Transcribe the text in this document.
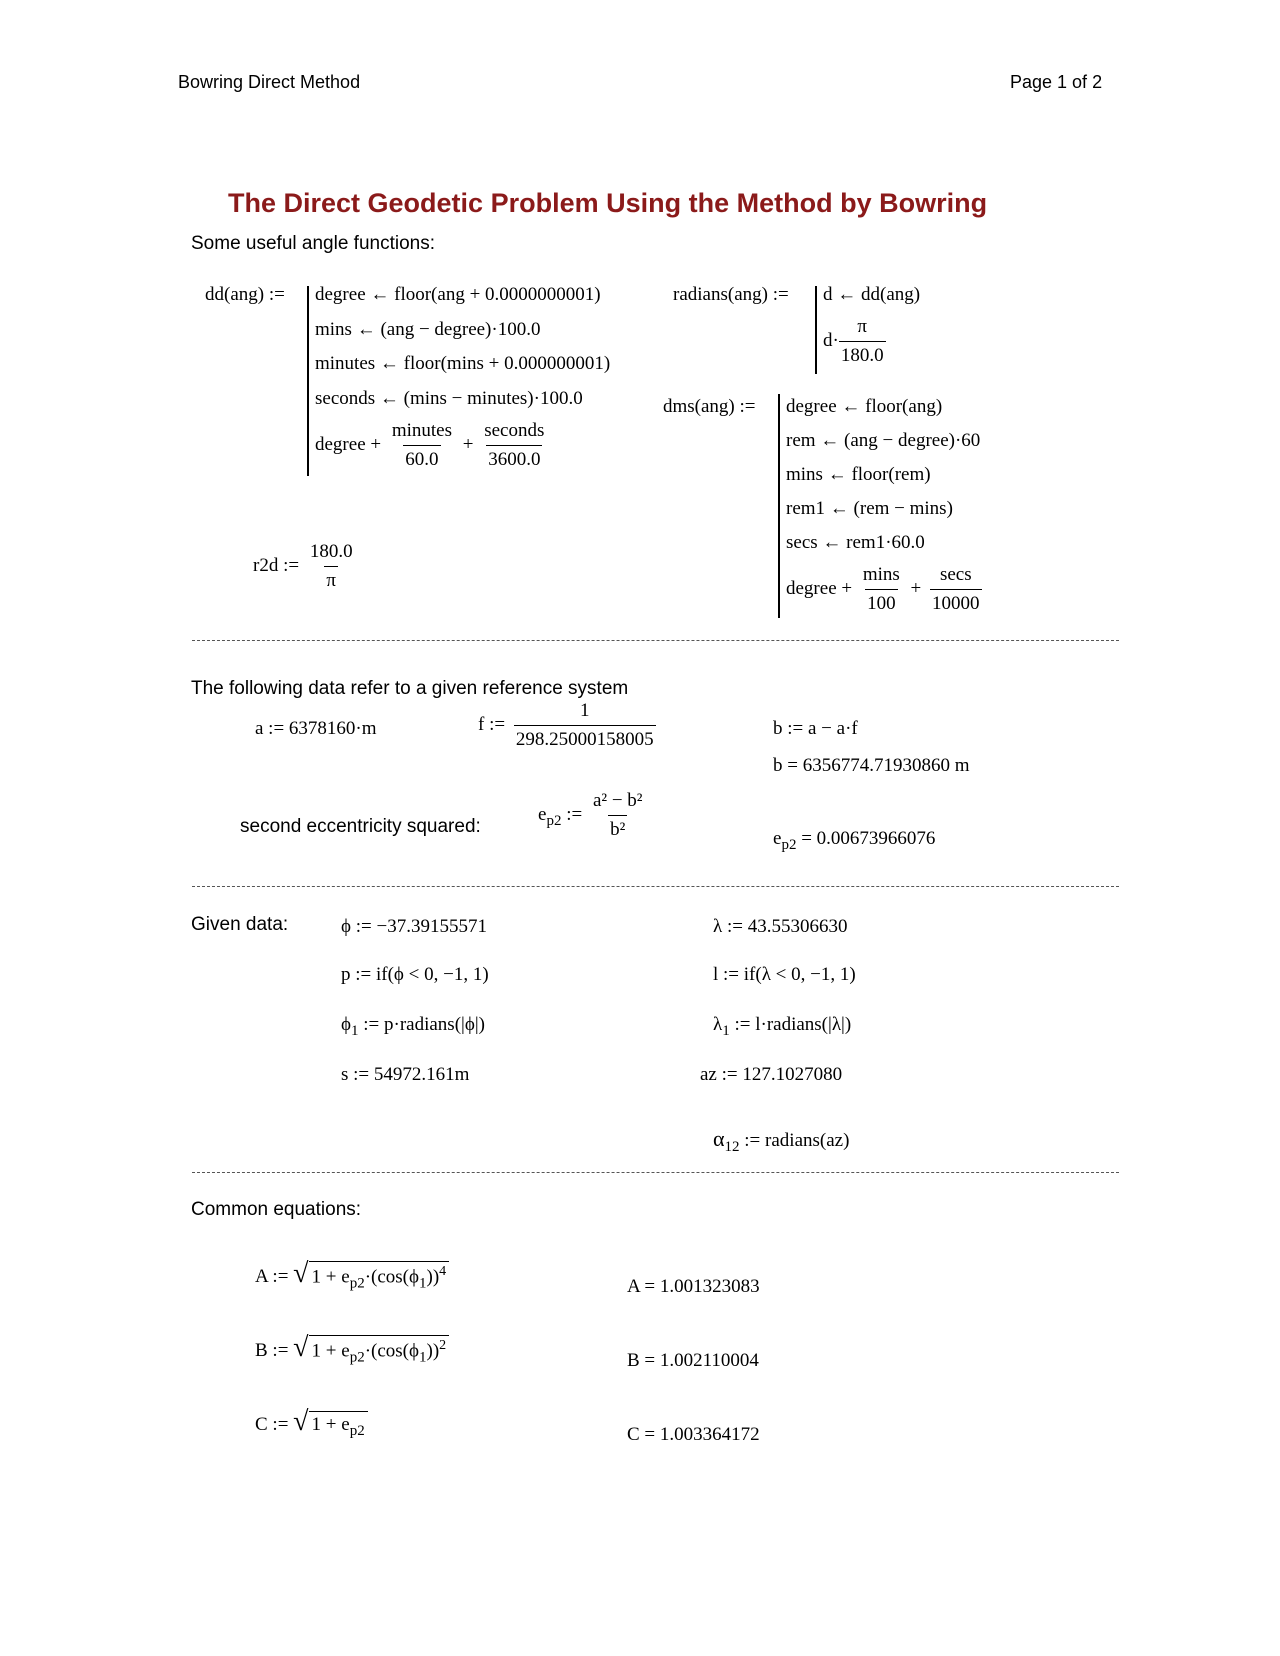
Bowring Direct Method	Page 1 of 2
The Direct Geodetic Problem Using the Method by Bowring
Some useful angle functions:
dd(ang) := degree ← floor(ang + 0.0000000001)
mins ← (ang − degree)·100.0
minutes ← floor(mins + 0.000000001)
seconds ← (mins − minutes)·100.0
degree + $\frac{\text{minutes}}{60.0} + \frac{\text{seconds}}{3600.0}$
r2d := $\frac{180.0}{\pi}$
radians(ang) := d ← dd(ang)
$d\cdot \frac{\pi}{180.0}$
dms(ang) := degree ← floor(ang)
rem ← (ang − degree)·60
mins ← floor(rem)
rem1 ← (rem − mins)
secs ← rem1·60.0
degree + $\frac{\min s}{100} + \frac{\sec s}{10000}$
The following data refer to a given reference system
a := 6378160·m	f := $\frac{1}{298.25000158005}$	b := a − a·f
b = 6356774.71930860 m
second eccentricity squared:
$e_{p2}$ := $\frac{\text{a² − b²}}{\text{b²}}$	$e_{p2} = 0.00673966076$
Given data:	ϕ := −37.39155571	λ := 43.55306630
p := if(ϕ < 0, −1, 1)	l := if(λ < 0, −1, 1)
$\phi_1$ := p·radians(|ϕ|)	$\lambda_1$ := l·radians(|λ|)
s := 54972.161m	az := 127.1027080
$\alpha_{12}$ := radians(az)
Common equations:
A := √ $1 + e_{p2}\cdot(\cos(\phi_1))^4$
A = 1.001323083
B := √ $1 + e_{p2}\cdot(\cos(\phi_1))^2$
B = 1.002110004
C := √ $1 + e_{p2}$	C = 1.003364172
